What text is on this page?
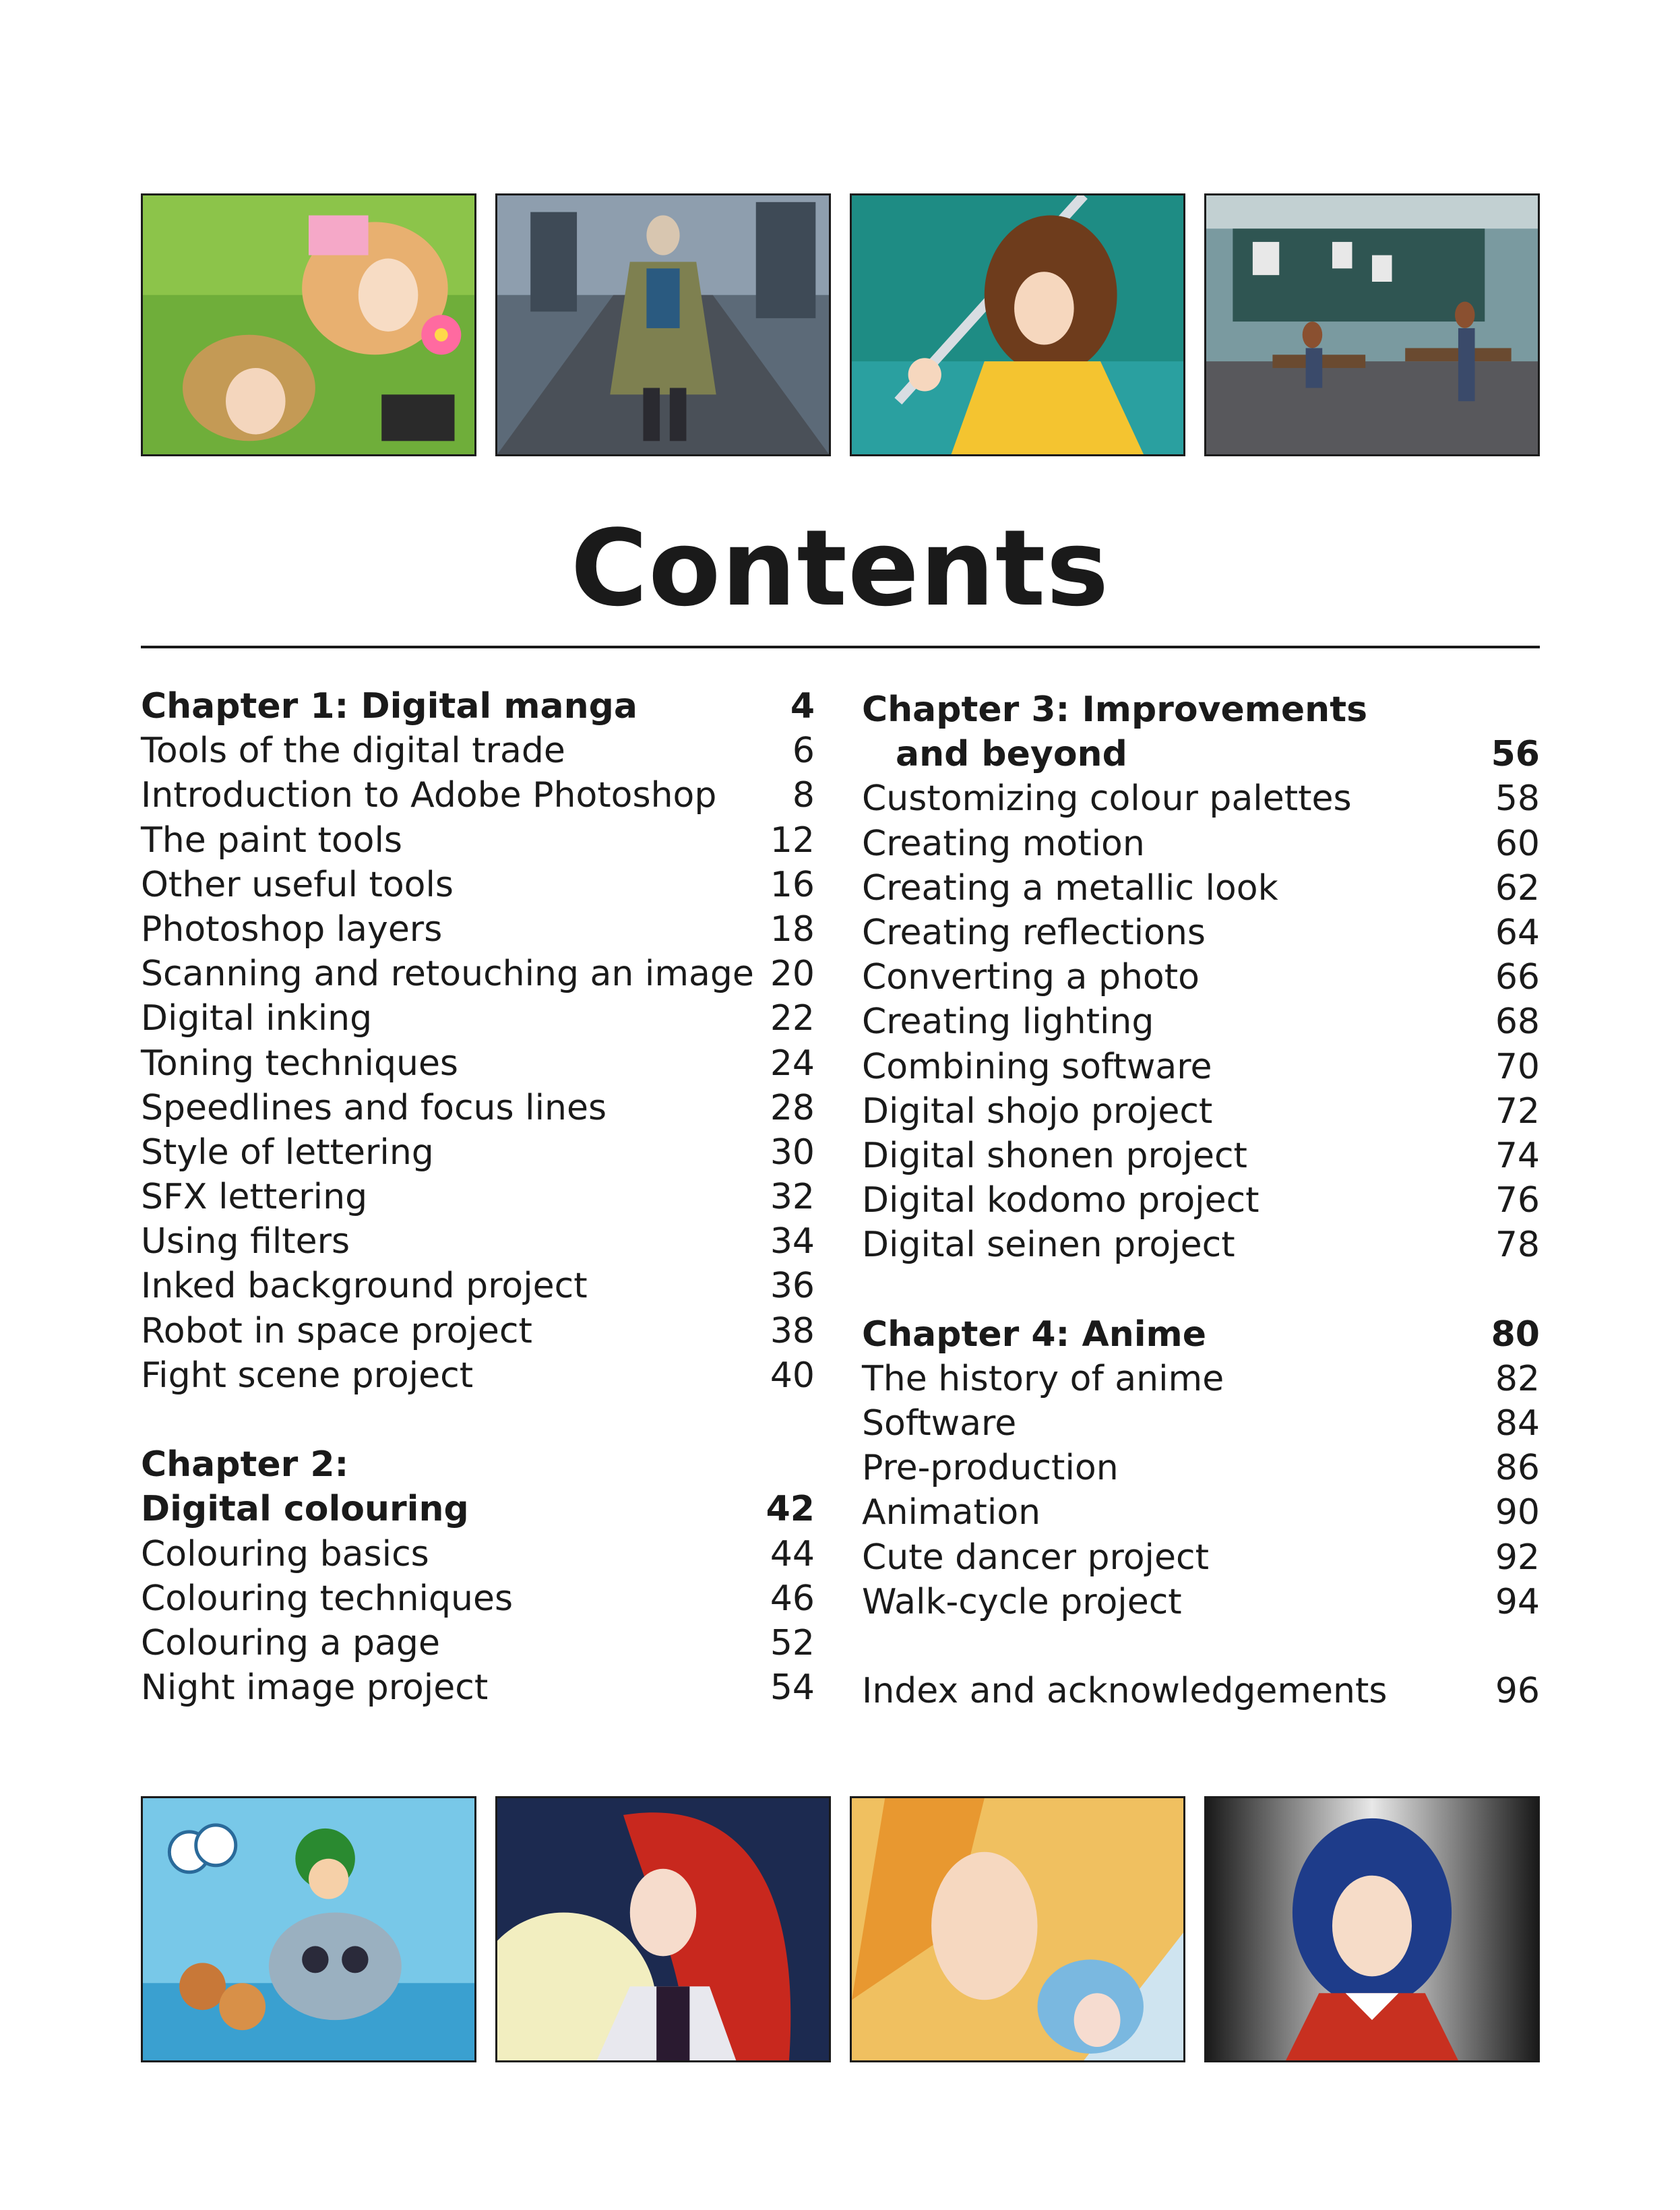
Contents
Chapter 1: Digital manga	4
Tools of the digital trade	6
Introduction to Adobe Photoshop 8
The paint tools	12
Other useful tools	16
Photoshop layers	18
Scanning and retouching an image 20
Digital inking	22
Toning techniques	24
Speedlines and focus lines	28
Style of lettering	30
SFX lettering	32
Using filters	34
Inked background project	36
Robot in space project	38
Fight scene project	40
Chapter 2:
Digital colouring	42
Colouring basics	44
Colouring techniques	46
Colouring a page	52
Night image project	54
Chapter 3: Improvements
and beyond	56
Customizing colour palettes	58
Creating motion	60
Creating a metallic look	62
Creating reflections	64
Converting a photo	66
Creating lighting	68
Combining software	70
Digital shojo project	72
Digital shonen project	74
Digital kodomo project	76
Digital seinen project	78
Chapter 4: Anime	80
The history of anime	82
Software	84
Pre-production	86
Animation	90
Cute dancer project	92
Walk-cycle project	94
Index and acknowledgements	96
